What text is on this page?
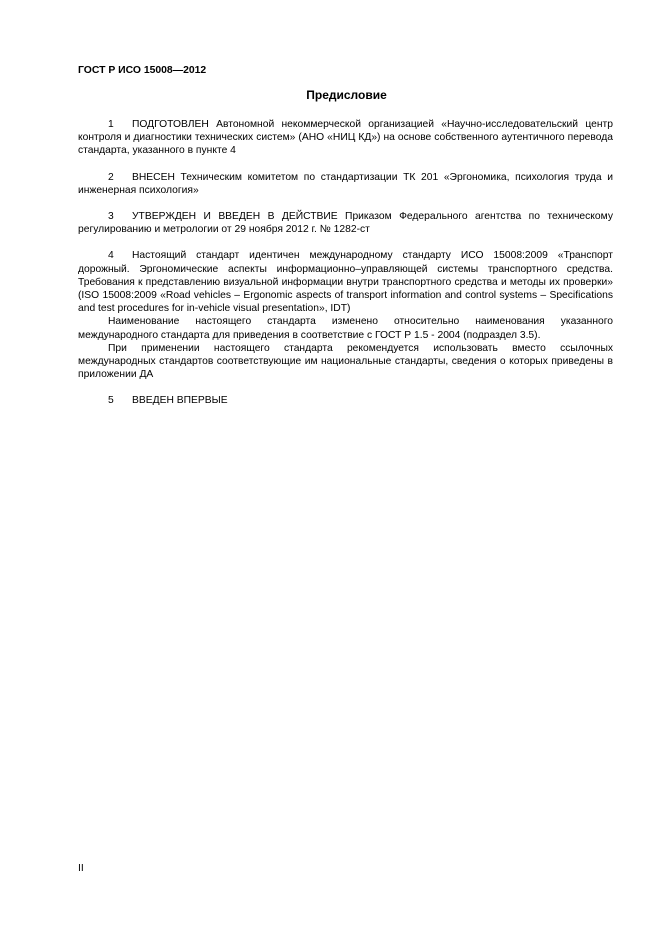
ГОСТ Р ИСО 15008—2012
Предисловие

1 ПОДГОТОВЛЕН Автономной некоммерческой организацией «Научно-исследовательский центр контроля и диагностики технических систем» (АНО «НИЦ КД») на основе собственного аутентичного перевода стандарта, указанного в пункте 4

2 ВНЕСЕН Техническим комитетом по стандартизации ТК 201 «Эргономика, психология труда и инженерная психология»

3 УТВЕРЖДЕН И ВВЕДЕН В ДЕЙСТВИЕ Приказом Федерального агентства по техническому регулированию и метрологии от 29 ноября 2012 г. № 1282-ст

4 Настоящий стандарт идентичен международному стандарту ИСО 15008:2009 «Транспорт дорожный. Эргономические аспекты информационно–управляющей системы транспортного средства. Требования к представлению визуальной информации внутри транспортного средства и методы их проверки» (ISO 15008:2009 «Road vehicles – Ergonomic aspects of transport information and control systems – Specifications and test procedures for in-vehicle visual presentation», IDT)

Наименование настоящего стандарта изменено относительно наименования указанного международного стандарта для приведения в соответствие с ГОСТ Р 1.5 - 2004 (подраздел 3.5).

При применении настоящего стандарта рекомендуется использовать вместо ссылочных международных стандартов соответствующие им национальные стандарты, сведения о которых приведены в приложении ДА

5 ВВЕДЕН ВПЕРВЫЕ

II
